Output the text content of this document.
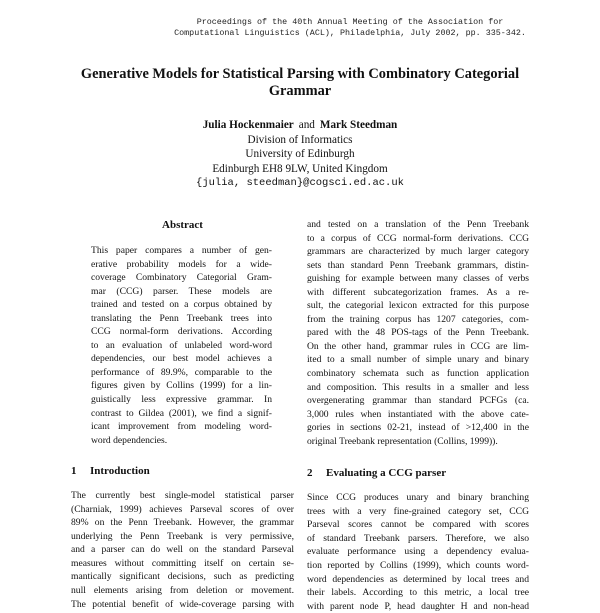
Proceedings of the 40th Annual Meeting of the Association for
Computational Linguistics (ACL), Philadelphia, July 2002, pp. 335-342.
Generative Models for Statistical Parsing with Combinatory Categorial
Grammar
Julia Hockenmaier and Mark Steedman
Division of Informatics
University of Edinburgh
Edinburgh EH8 9LW, United Kingdom
{julia, steedman}@cogsci.ed.ac.uk
Abstract
This paper compares a number of gen-
erative probability models for a wide-
coverage Combinatory Categorial Gram-
mar (CCG) parser. These models are
trained and tested on a corpus obtained by
translating the Penn Treebank trees into
CCG normal-form derivations. According
to an evaluation of unlabeled word-word
dependencies, our best model achieves a
performance of 89.9%, comparable to the
figures given by Collins (1999) for a lin-
guistically less expressive grammar. In
contrast to Gildea (2001), we find a signif-
icant improvement from modeling word-
word dependencies.
1 Introduction
The currently best single-model statistical parser
(Charniak, 1999) achieves Parseval scores of over
89% on the Penn Treebank. However, the grammar
underlying the Penn Treebank is very permissive,
and a parser can do well on the standard Parseval
measures without committing itself on certain se-
mantically significant decisions, such as predicting
null elements arising from deletion or movement.
The potential benefit of wide-coverage parsing with
and tested on a translation of the Penn Treebank
to a corpus of CCG normal-form derivations. CCG
grammars are characterized by much larger category
sets than standard Penn Treebank grammars, distin-
guishing for example between many classes of verbs
with different subcategorization frames. As a re-
sult, the categorial lexicon extracted for this purpose
from the training corpus has 1207 categories, com-
pared with the 48 POS-tags of the Penn Treebank.
On the other hand, grammar rules in CCG are lim-
ited to a small number of simple unary and binary
combinatory schemata such as function application
and composition. This results in a smaller and less
overgenerating grammar than standard PCFGs (ca.
3,000 rules when instantiated with the above cate-
gories in sections 02-21, instead of >12,400 in the
original Treebank representation (Collins, 1999)).
2 Evaluating a CCG parser
Since CCG produces unary and binary branching
trees with a very fine-grained category set, CCG
Parseval scores cannot be compared with scores
of standard Treebank parsers. Therefore, we also
evaluate performance using a dependency evalua-
tion reported by Collins (1999), which counts word-
word dependencies as determined by local trees and
their labels. According to this metric, a local tree
with parent node P, head daughter H and non-head
